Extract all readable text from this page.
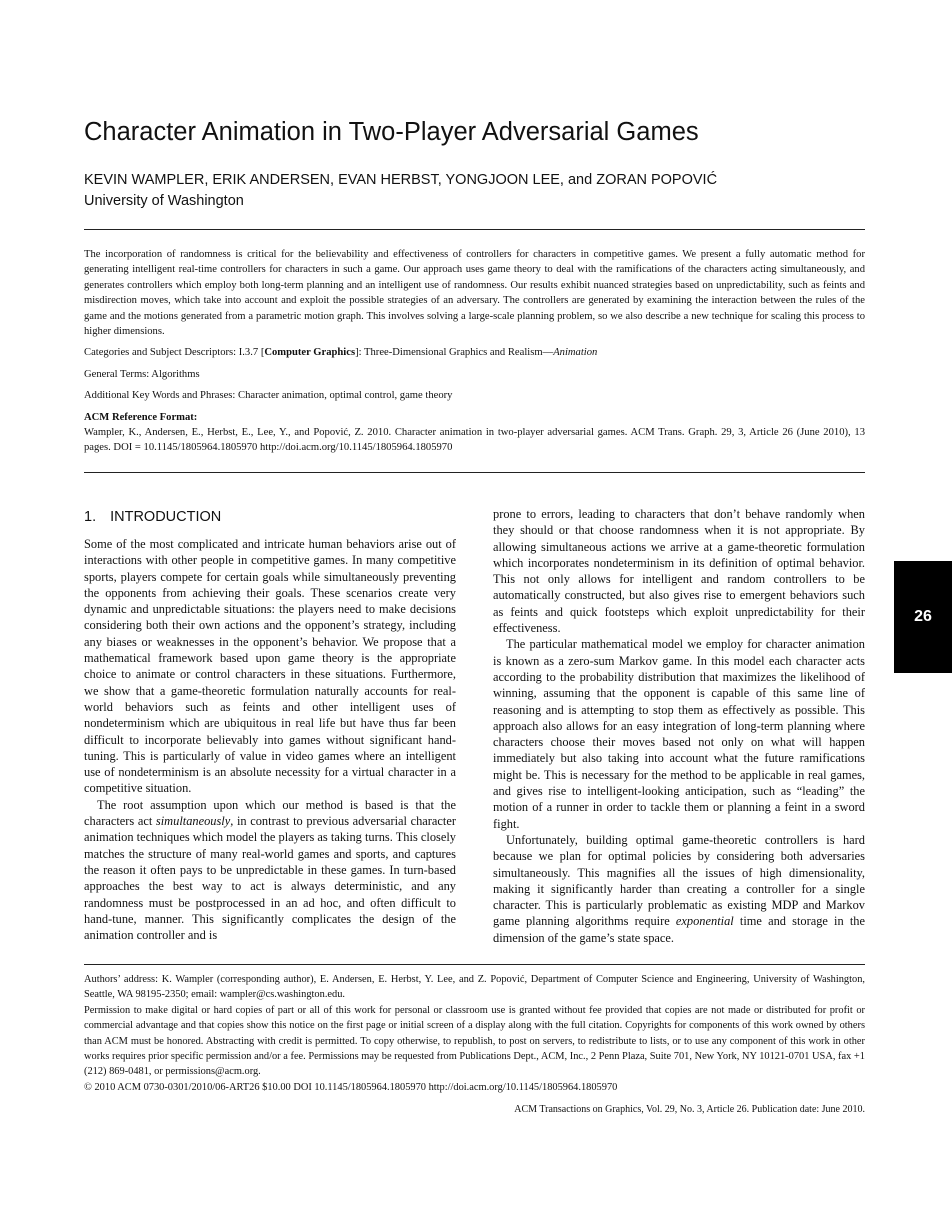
Character Animation in Two-Player Adversarial Games
KEVIN WAMPLER, ERIK ANDERSEN, EVAN HERBST, YONGJOON LEE, and ZORAN POPOVIĆ
University of Washington

The incorporation of randomness is critical for the believability and effectiveness of controllers for characters in competitive games. We present a fully automatic method for generating intelligent real-time controllers for characters in such a game. Our approach uses game theory to deal with the ramifications of the characters acting simultaneously, and generates controllers which employ both long-term planning and an intelligent use of randomness. Our results exhibit nuanced strategies based on unpredictability, such as feints and misdirection moves, which take into account and exploit the possible strategies of an adversary. The controllers are generated by examining the interaction between the rules of the game and the motions generated from a parametric motion graph. This involves solving a large-scale planning problem, so we also describe a new technique for scaling this process to higher dimensions.

Categories and Subject Descriptors: I.3.7 [Computer Graphics]: Three-Dimensional Graphics and Realism—Animation

General Terms: Algorithms

Additional Key Words and Phrases: Character animation, optimal control, game theory

ACM Reference Format:

Wampler, K., Andersen, E., Herbst, E., Lee, Y., and Popović, Z. 2010. Character animation in two-player adversarial games. ACM Trans. Graph. 29, 3, Article 26 (June 2010), 13 pages. DOI = 10.1145/1805964.1805970 http://doi.acm.org/10.1145/1805964.1805970

1. INTRODUCTION

Some of the most complicated and intricate human behaviors arise out of interactions with other people in competitive games. In many competitive sports, players compete for certain goals while simultaneously preventing the opponents from achieving their goals. These scenarios create very dynamic and unpredictable situations: the players need to make decisions considering both their own actions and the opponent’s strategy, including any biases or weaknesses in the opponent’s behavior. We propose that a mathematical framework based upon game theory is the appropriate choice to animate or control characters in these situations. Furthermore, we show that a game-theoretic formulation naturally accounts for real-world behaviors such as feints and other intelligent uses of nondeterminism which are ubiquitous in real life but have thus far been difficult to incorporate believably into games without significant hand-tuning. This is particularly of value in video games where an intelligent use of nondeterminism is an absolute necessity for a virtual character in a competitive situation.

The root assumption upon which our method is based is that the characters act simultaneously, in contrast to previous adversarial character animation techniques which model the players as taking turns. This closely matches the structure of many real-world games and sports, and captures the reason it often pays to be unpredictable in these games. In turn-based approaches the best way to act is always deterministic, and any randomness must be postprocessed in an ad hoc, and often difficult to hand-tune, manner. This significantly complicates the design of the animation controller and is

prone to errors, leading to characters that don’t behave randomly when they should or that choose randomness when it is not appropriate. By allowing simultaneous actions we arrive at a game-theoretic formulation which incorporates nondeterminism in its definition of optimal behavior. This not only allows for intelligent and random controllers to be automatically constructed, but also gives rise to emergent behaviors such as feints and quick footsteps which exploit unpredictability for their effectiveness.

The particular mathematical model we employ for character animation is known as a zero-sum Markov game. In this model each character acts according to the probability distribution that maximizes the likelihood of winning, assuming that the opponent is capable of this same line of reasoning and is attempting to stop them as effectively as possible. This approach also allows for an easy integration of long-term planning where characters choose their moves based not only on what will happen immediately but also taking into account what the future ramifications might be. This is necessary for the method to be applicable in real games, and gives rise to intelligent-looking anticipation, such as “leading” the motion of a runner in order to tackle them or planning a feint in a sword fight.

Unfortunately, building optimal game-theoretic controllers is hard because we plan for optimal policies by considering both adversaries simultaneously. This magnifies all the issues of high dimensionality, making it significantly harder than creating a controller for a single character. This is particularly problematic as existing MDP and Markov game planning algorithms require exponential time and storage in the dimension of the game’s state space.

26

Authors’ address: K. Wampler (corresponding author), E. Andersen, E. Herbst, Y. Lee, and Z. Popović, Department of Computer Science and Engineering, University of Washington, Seattle, WA 98195-2350; email: wampler@cs.washington.edu.

Permission to make digital or hard copies of part or all of this work for personal or classroom use is granted without fee provided that copies are not made or distributed for profit or commercial advantage and that copies show this notice on the first page or initial screen of a display along with the full citation. Copyrights for components of this work owned by others than ACM must be honored. Abstracting with credit is permitted. To copy otherwise, to republish, to post on servers, to redistribute to lists, or to use any component of this work in other works requires prior specific permission and/or a fee. Permissions may be requested from Publications Dept., ACM, Inc., 2 Penn Plaza, Suite 701, New York, NY 10121-0701 USA, fax +1 (212) 869-0481, or permissions@acm.org.

© 2010 ACM 0730-0301/2010/06-ART26 $10.00 DOI 10.1145/1805964.1805970 http://doi.acm.org/10.1145/1805964.1805970

ACM Transactions on Graphics, Vol. 29, No. 3, Article 26. Publication date: June 2010.
